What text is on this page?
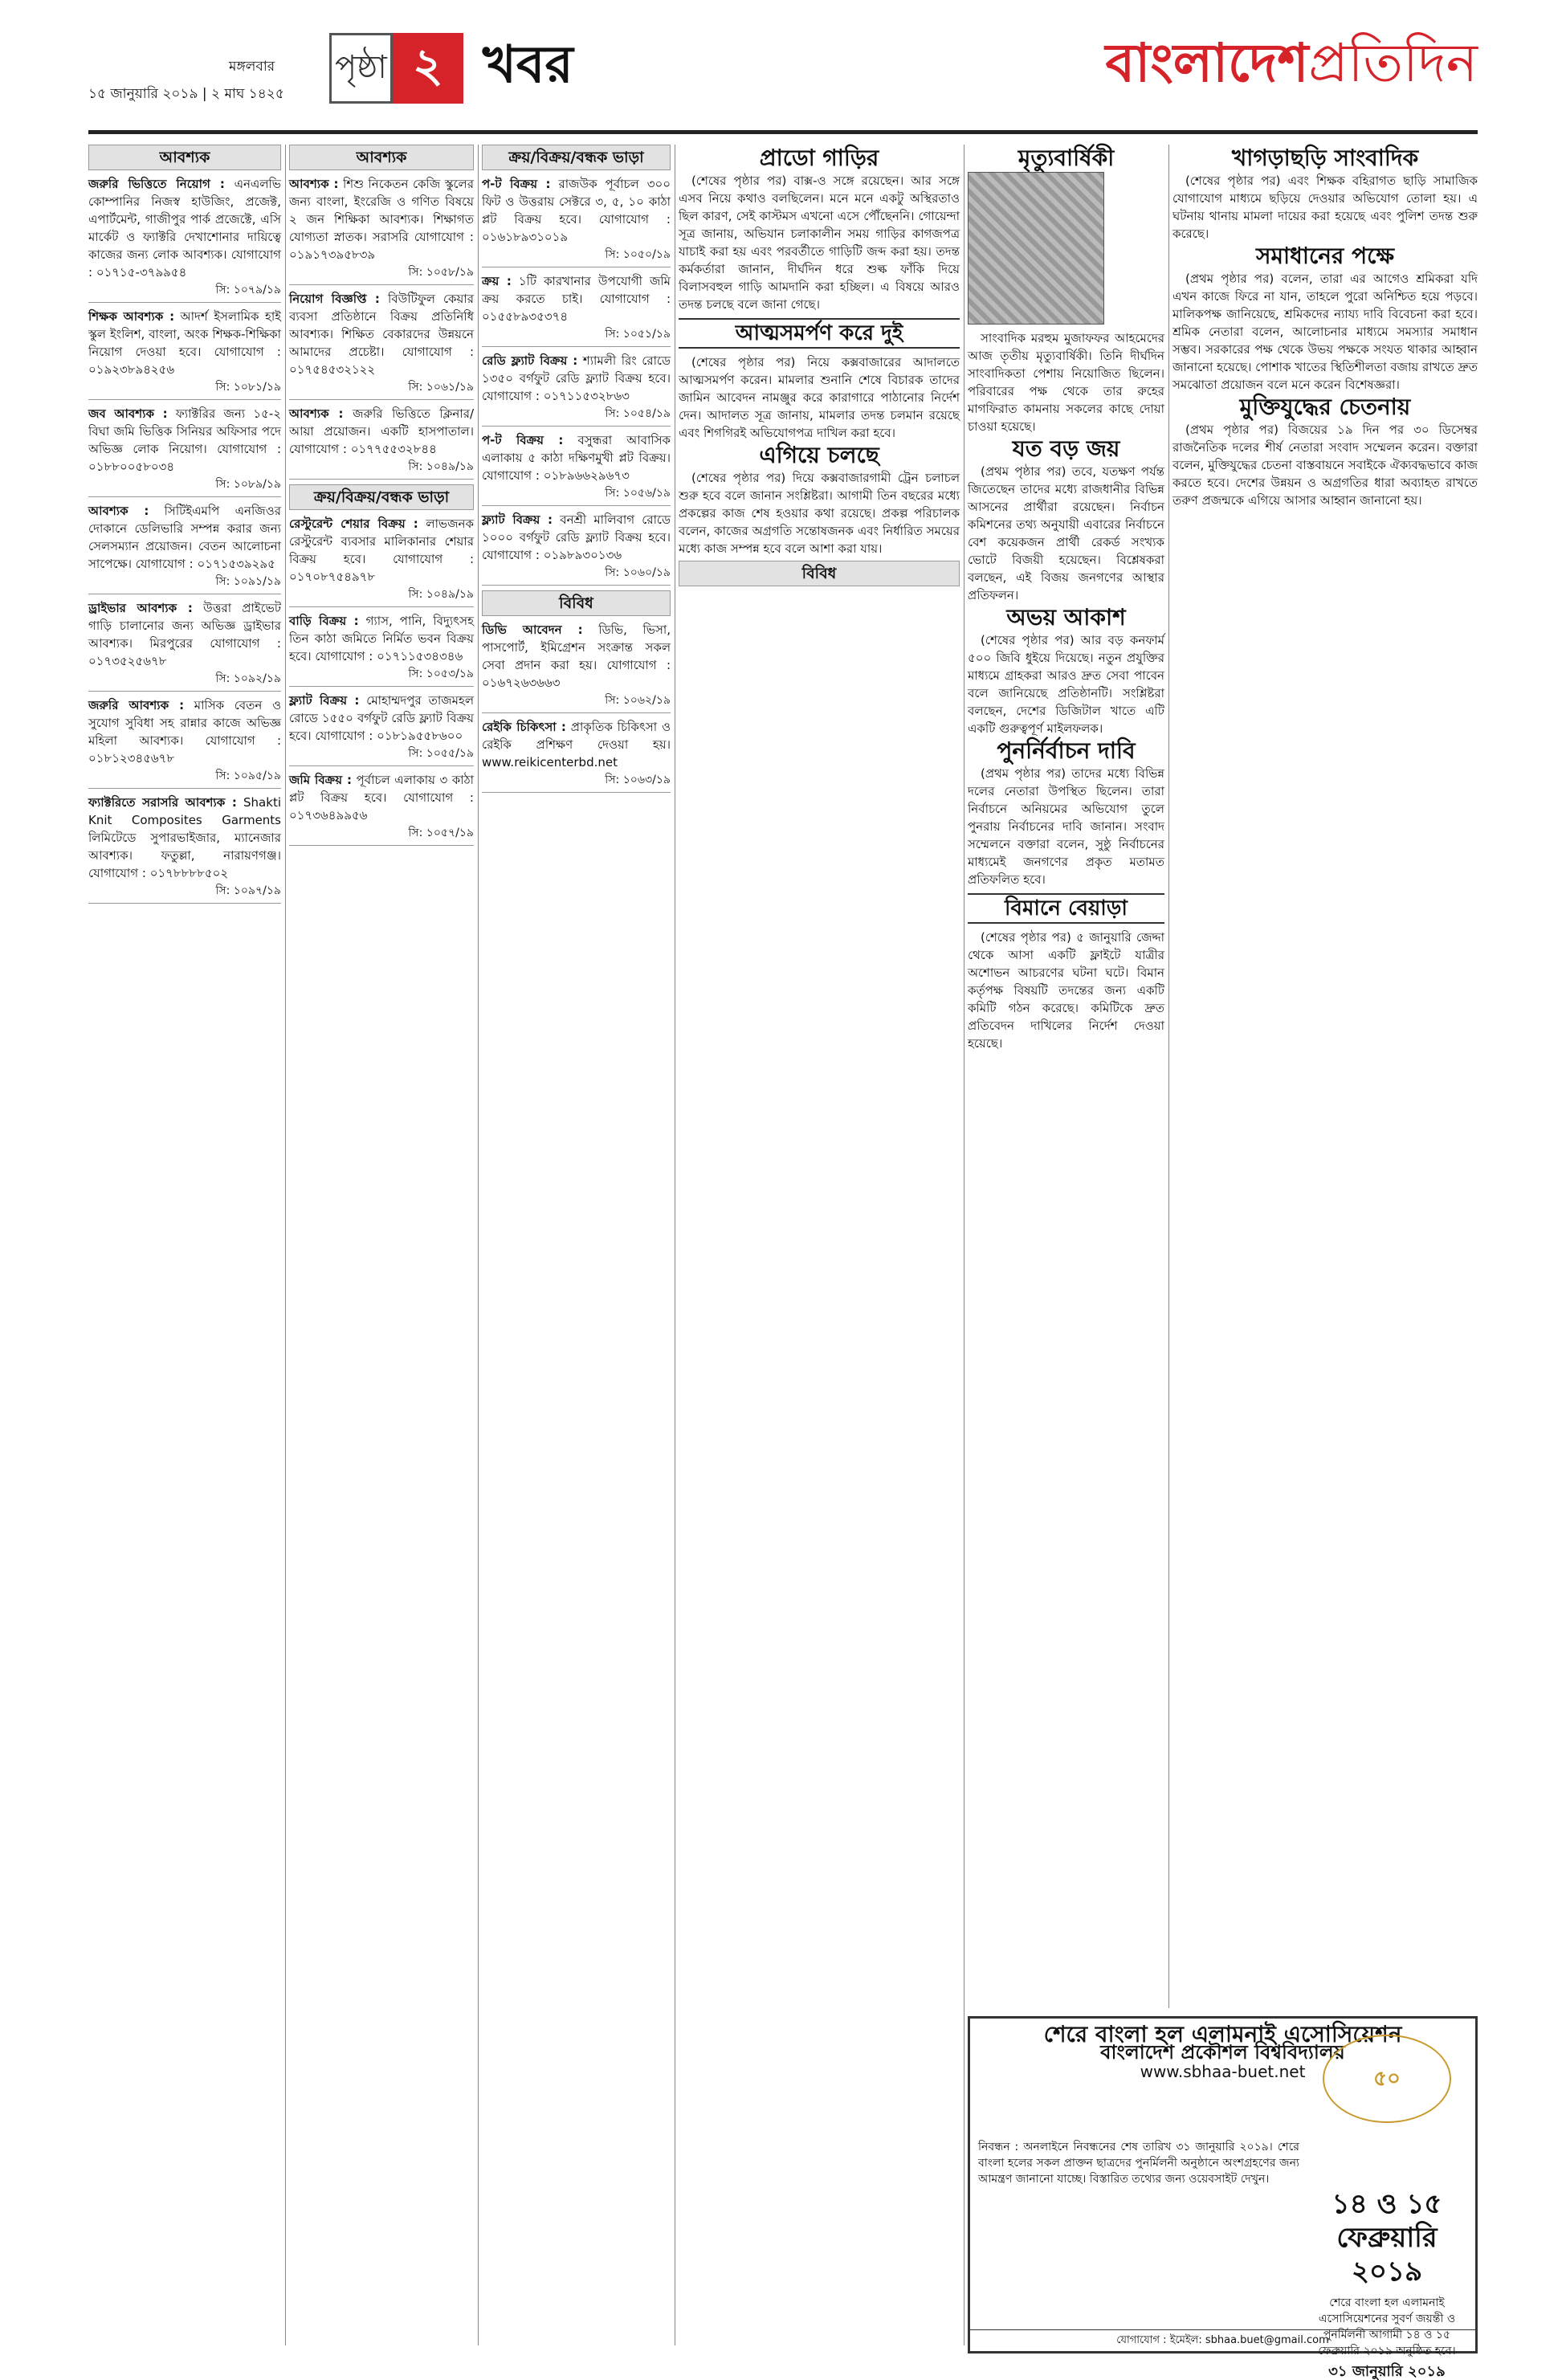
মঙ্গলবার
১৫ জানুয়ারি ২০১৯ | ২ মাঘ ১৪২৫
পৃষ্ঠা ২ খবর	বাংলাদেশপ্রতিদিন
আবশ্যক
জরুরি ভিত্তিতে নিয়োগ : এনএলভি কোম্পানির নিজস্ব হাউজিং, প্রজেক্ট, এপার্টমেন্ট, গাজীপুর পার্ক প্রজেক্টে, এসি মার্কেট ও ফ্যাক্টরি দেখাশোনার দায়িত্বে কাজের জন্য লোক আবশ্যক। যোগাযোগ : ০১৭১৫-৩৭৯৯৫৪
সি: ১০৭৯/১৯
শিক্ষক আবশ্যক : আদর্শ ইসলামিক হাই স্কুল ইংলিশ, বাংলা, অংক শিক্ষক-শিক্ষিকা নিয়োগ দেওয়া হবে। যোগাযোগ : ০১৯২৩৮৯৪২৫৬
সি: ১০৮১/১৯
জব আবশ্যক : ফ্যাক্টরির জন্য ১৫-২ বিঘা জমি ভিত্তিক সিনিয়র অফিসার পদে অভিজ্ঞ লোক নিয়োগ। যোগাযোগ : ০১৮৮০০৫৮০৩৪
সি: ১০৮৯/১৯
আবশ্যক : সিটিইএমপি এনজিওর দোকানে ডেলিভারি সম্পন্ন করার জন্য সেলসম্যান প্রয়োজন। বেতন আলোচনা সাপেক্ষে। যোগাযোগ : ০১৭১৫৩৯২৯৫
সি: ১০৯১/১৯
ড্রাইভার আবশ্যক : উত্তরা প্রাইভেট গাড়ি চালানোর জন্য অভিজ্ঞ ড্রাইভার আবশ্যক। মিরপুরের যোগাযোগ : ০১৭৩৫২৫৬৭৮
সি: ১০৯২/১৯
জরুরি আবশ্যক : মাসিক বেতন ও সুযোগ সুবিধা সহ রান্নার কাজে অভিজ্ঞ মহিলা আবশ্যক। যোগাযোগ : ০১৮১২৩৪৫৬৭৮
সি: ১০৯৫/১৯
ফ্যাক্টরিতে সরাসরি আবশ্যক : Shakti Knit Composites Garments লিমিটেডে সুপারভাইজার, ম্যানেজার আবশ্যক। ফতুল্লা, নারায়ণগঞ্জ। যোগাযোগ : ০১৭৮৮৮৮৫০২
সি: ১০৯৭/১৯
আবশ্যক
আবশ্যক : শিশু নিকেতন কেজি স্কুলের জন্য বাংলা, ইংরেজি ও গণিত বিষয়ে ২ জন শিক্ষিকা আবশ্যক। শিক্ষাগত যোগ্যতা স্নাতক। সরাসরি যোগাযোগ : ০১৯১৭৩৯৫৮৩৯
সি: ১০৫৮/১৯
নিয়োগ বিজ্ঞপ্তি : বিউটিফুল কেয়ার ব্যবসা প্রতিষ্ঠানে বিক্রয় প্রতিনিধি আবশ্যক। শিক্ষিত বেকারদের উন্নয়নে আমাদের প্রচেষ্টা। যোগাযোগ : ০১৭৫৪৫৩২১২২
সি: ১০৬১/১৯
আবশ্যক : জরুরি ভিত্তিতে ক্লিনার/আয়া প্রয়োজন। একটি হাসপাতাল। যোগাযোগ : ০১৭৭৫৫৩২৮৪৪
সি: ১০৪৯/১৯
ক্রয়/বিক্রয়/বন্ধক ভাড়া
রেস্টুরেন্ট শেয়ার বিক্রয় : লাভজনক রেস্টুরেন্ট ব্যবসার মালিকানার শেয়ার বিক্রয় হবে। যোগাযোগ : ০১৭০৮৭৫৪৯৭৮
সি: ১০৪৯/১৯
বাড়ি বিক্রয় : গ্যাস, পানি, বিদ্যুৎসহ তিন কাঠা জমিতে নির্মিত ভবন বিক্রয় হবে। যোগাযোগ : ০১৭১১৫৩৪৩৪৬
সি: ১০৫৩/১৯
ফ্ল্যাট বিক্রয় : মোহাম্মদপুর তাজমহল রোডে ১৫৫০ বর্গফুট রেডি ফ্ল্যাট বিক্রয় হবে। যোগাযোগ : ০১৮১৯৫৫৮৬০০
সি: ১০৫৫/১৯
জমি বিক্রয় : পূর্বাচল এলাকায় ৩ কাঠা প্লট বিক্রয় হবে। যোগাযোগ : ০১৭৩৬৪৯৯৫৬
সি: ১০৫৭/১৯
ক্রয়/বিক্রয়/বন্ধক ভাড়া
প-ট বিক্রয় : রাজউক পূর্বাচল ৩০০ ফিট ও উত্তরায় সেক্টরে ৩, ৫, ১০ কাঠা প্লট বিক্রয় হবে। যোগাযোগ : ০১৬১৮৯৩১০১৯
সি: ১০৫০/১৯
ক্রয় : ১টি কারখানার উপযোগী জমি ক্রয় করতে চাই। যোগাযোগ : ০১৫৫৮৯৩৫৩৭৪
সি: ১০৫১/১৯
রেডি ফ্ল্যাট বিক্রয় : শ্যামলী রিং রোডে ১৩৫০ বর্গফুট রেডি ফ্ল্যাট বিক্রয় হবে। যোগাযোগ : ০১৭১১৫৩২৮৬৩
সি: ১০৫৪/১৯
প-ট বিক্রয় : বসুন্ধরা আবাসিক এলাকায় ৫ কাঠা দক্ষিণমুখী প্লট বিক্রয়। যোগাযোগ : ০১৮৯৬৬২৯৬৭৩
সি: ১০৫৬/১৯
ফ্ল্যাট বিক্রয় : বনশ্রী মালিবাগ রোডে ১০০০ বর্গফুট রেডি ফ্ল্যাট বিক্রয় হবে। যোগাযোগ : ০১৯৮৯৩০১৩৬
সি: ১০৬০/১৯
বিবিধ
ডিভি আবেদন : ডিভি, ভিসা, পাসপোর্ট, ইমিগ্রেশন সংক্রান্ত সকল সেবা প্রদান করা হয়। যোগাযোগ : ০১৬৭২৬৩৬৬৩
সি: ১০৬২/১৯
রেইকি চিকিৎসা : প্রাকৃতিক চিকিৎসা ও রেইকি প্রশিক্ষণ দেওয়া হয়। www.reikicenterbd.net
সি: ১০৬৩/১৯
প্রাডো গাড়ির

(শেষের পৃষ্ঠার পর) বাক্স-ও সঙ্গে রয়েছেন। আর সঙ্গে এসব নিয়ে কথাও বলছিলেন। মনে মনে একটু অস্থিরতাও ছিল কারণ, সেই কাস্টমস এখনো এসে পৌঁছেননি। গোয়েন্দা সূত্র জানায়, অভিযান চলাকালীন সময় গাড়ির কাগজপত্র যাচাই করা হয় এবং পরবর্তীতে গাড়িটি জব্দ করা হয়। তদন্ত কর্মকর্তারা জানান, দীর্ঘদিন ধরে শুল্ক ফাঁকি দিয়ে বিলাসবহুল গাড়ি আমদানি করা হচ্ছিল। এ বিষয়ে আরও তদন্ত চলছে বলে জানা গেছে।

আত্মসমর্পণ করে দুই

(শেষের পৃষ্ঠার পর) নিয়ে কক্সবাজারের আদালতে আত্মসমর্পণ করেন। মামলার শুনানি শেষে বিচারক তাদের জামিন আবেদন নামঞ্জুর করে কারাগারে পাঠানোর নির্দেশ দেন। আদালত সূত্র জানায়, মামলার তদন্ত চলমান রয়েছে এবং শিগগিরই অভিযোগপত্র দাখিল করা হবে।

এগিয়ে চলছে

(শেষের পৃষ্ঠার পর) দিয়ে কক্সবাজারগামী ট্রেন চলাচল শুরু হবে বলে জানান সংশ্লিষ্টরা। আগামী তিন বছরের মধ্যে প্রকল্পের কাজ শেষ হওয়ার কথা রয়েছে। প্রকল্প পরিচালক বলেন, কাজের অগ্রগতি সন্তোষজনক এবং নির্ধারিত সময়ের মধ্যে কাজ সম্পন্ন হবে বলে আশা করা যায়।

বিবিধ
মৃত্যুবার্ষিকী

সাংবাদিক মরহুম মুজাফফর আহমেদের আজ তৃতীয় মৃত্যুবার্ষিকী। তিনি দীর্ঘদিন সাংবাদিকতা পেশায় নিয়োজিত ছিলেন। পরিবারের পক্ষ থেকে তার রুহের মাগফিরাত কামনায় সকলের কাছে দোয়া চাওয়া হয়েছে।

যত বড় জয়

(প্রথম পৃষ্ঠার পর) তবে, যতক্ষণ পর্যন্ত জিতেছেন তাদের মধ্যে রাজধানীর বিভিন্ন আসনের প্রার্থীরা রয়েছেন। নির্বাচন কমিশনের তথ্য অনুযায়ী এবারের নির্বাচনে বেশ কয়েকজন প্রার্থী রেকর্ড সংখ্যক ভোটে বিজয়ী হয়েছেন। বিশ্লেষকরা বলছেন, এই বিজয় জনগণের আস্থার প্রতিফলন।

অভয় আকাশ

(শেষের পৃষ্ঠার পর) আর বড় কনফার্ম ৫০০ জিবি ধুইয়ে দিয়েছে। নতুন প্রযুক্তির মাধ্যমে গ্রাহকরা আরও দ্রুত সেবা পাবেন বলে জানিয়েছে প্রতিষ্ঠানটি। সংশ্লিষ্টরা বলছেন, দেশের ডিজিটাল খাতে এটি একটি গুরুত্বপূর্ণ মাইলফলক।

পুনর্নির্বাচন দাবি

(প্রথম পৃষ্ঠার পর) তাদের মধ্যে বিভিন্ন দলের নেতারা উপস্থিত ছিলেন। তারা নির্বাচনে অনিয়মের অভিযোগ তুলে পুনরায় নির্বাচনের দাবি জানান। সংবাদ সম্মেলনে বক্তারা বলেন, সুষ্ঠু নির্বাচনের মাধ্যমেই জনগণের প্রকৃত মতামত প্রতিফলিত হবে।

বিমানে বেয়াড়া

(শেষের পৃষ্ঠার পর) ৫ জানুয়ারি জেদ্দা থেকে আসা একটি ফ্লাইটে যাত্রীর অশোভন আচরণের ঘটনা ঘটে। বিমান কর্তৃপক্ষ বিষয়টি তদন্তের জন্য একটি কমিটি গঠন করেছে। কমিটিকে দ্রুত প্রতিবেদন দাখিলের নির্দেশ দেওয়া হয়েছে।

খাগড়াছড়ি সাংবাদিক

(শেষের পৃষ্ঠার পর) এবং শিক্ষক বহিরাগত ছাড়ি সামাজিক যোগাযোগ মাধ্যমে ছড়িয়ে দেওয়ার অভিযোগ তোলা হয়। এ ঘটনায় থানায় মামলা দায়ের করা হয়েছে এবং পুলিশ তদন্ত শুরু করেছে।

সমাধানের পক্ষে

(প্রথম পৃষ্ঠার পর) বলেন, তারা এর আগেও শ্রমিকরা যদি এখন কাজে ফিরে না যান, তাহলে পুরো অনিশ্চিত হয়ে পড়বে। মালিকপক্ষ জানিয়েছে, শ্রমিকদের ন্যায্য দাবি বিবেচনা করা হবে। শ্রমিক নেতারা বলেন, আলোচনার মাধ্যমে সমস্যার সমাধান সম্ভব। সরকারের পক্ষ থেকে উভয় পক্ষকে সংযত থাকার আহ্বান জানানো হয়েছে। পোশাক খাতের স্থিতিশীলতা বজায় রাখতে দ্রুত সমঝোতা প্রয়োজন বলে মনে করেন বিশেষজ্ঞরা।

মুক্তিযুদ্ধের চেতনায়

(প্রথম পৃষ্ঠার পর) বিজয়ের ১৯ দিন পর ৩০ ডিসেম্বর রাজনৈতিক দলের শীর্ষ নেতারা সংবাদ সম্মেলন করেন। বক্তারা বলেন, মুক্তিযুদ্ধের চেতনা বাস্তবায়নে সবাইকে ঐক্যবদ্ধভাবে কাজ করতে হবে। দেশের উন্নয়ন ও অগ্রগতির ধারা অব্যাহত রাখতে তরুণ প্রজন্মকে এগিয়ে আসার আহ্বান জানানো হয়।

শেরে বাংলা হল এলামনাই এসোসিয়েশন
বাংলাদেশ প্রকৌশল বিশ্ববিদ্যালয়
www.sbhaa-buet.net
নিবন্ধন : অনলাইনে নিবন্ধনের শেষ তারিখ ৩১ জানুয়ারি ২০১৯। শেরে বাংলা হলের সকল প্রাক্তন ছাত্রদের পুনর্মিলনী অনুষ্ঠানে অংশগ্রহণের জন্য আমন্ত্রণ জানানো যাচ্ছে। বিস্তারিত তথ্যের জন্য ওয়েবসাইট দেখুন।
৫০
১৪ ও ১৫ ফেব্রুয়ারি ২০১৯
শেরে বাংলা হল এলামনাই এসোসিয়েশনের সুবর্ণ জয়ন্তী ও পুনর্মিলনী আগামী ১৪ ও ১৫ ফেব্রুয়ারি ২০১৯ অনুষ্ঠিত হবে।
৩১ জানুয়ারি ২০১৯
যোগাযোগ : ইমেইল: sbhaa.buet@gmail.com
